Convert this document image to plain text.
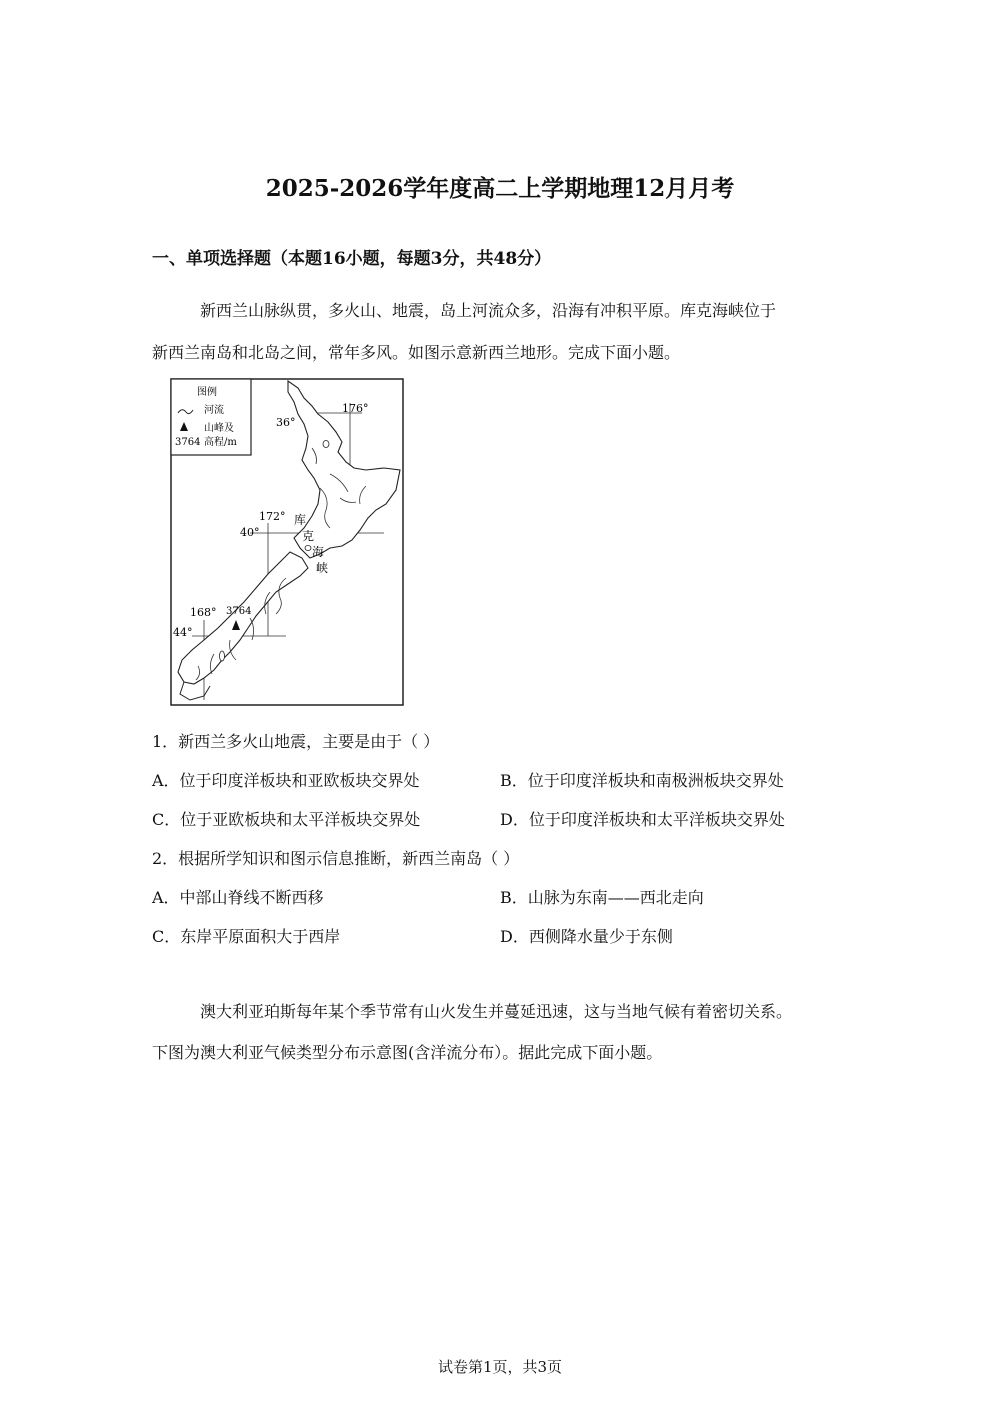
2025-2026学年度高二上学期地理12月月考
一、单项选择题（本题16小题，每题3分，共48分）
新西兰山脉纵贯，多火山、地震，岛上河流众多，沿海有冲积平原。库克海峡位于
新西兰南岛和北岛之间，常年多风。如图示意新西兰地形。完成下面小题。
图例
河流
山峰及
3764 高程/m
3764
36°
176°
172°
40°
168°
44°
库
克
海
峡
1．新西兰多火山地震，主要是由于（ ）
A．位于印度洋板块和亚欧板块交界处	B．位于印度洋板块和南极洲板块交界处
C．位于亚欧板块和太平洋板块交界处	D．位于印度洋板块和太平洋板块交界处
2．根据所学知识和图示信息推断，新西兰南岛（ ）
A．中部山脊线不断西移	B．山脉为东南——西北走向
C．东岸平原面积大于西岸	D．西侧降水量少于东侧
澳大利亚珀斯每年某个季节常有山火发生并蔓延迅速，这与当地气候有着密切关系。
下图为澳大利亚气候类型分布示意图(含洋流分布）。据此完成下面小题。
试卷第1页，共3页
